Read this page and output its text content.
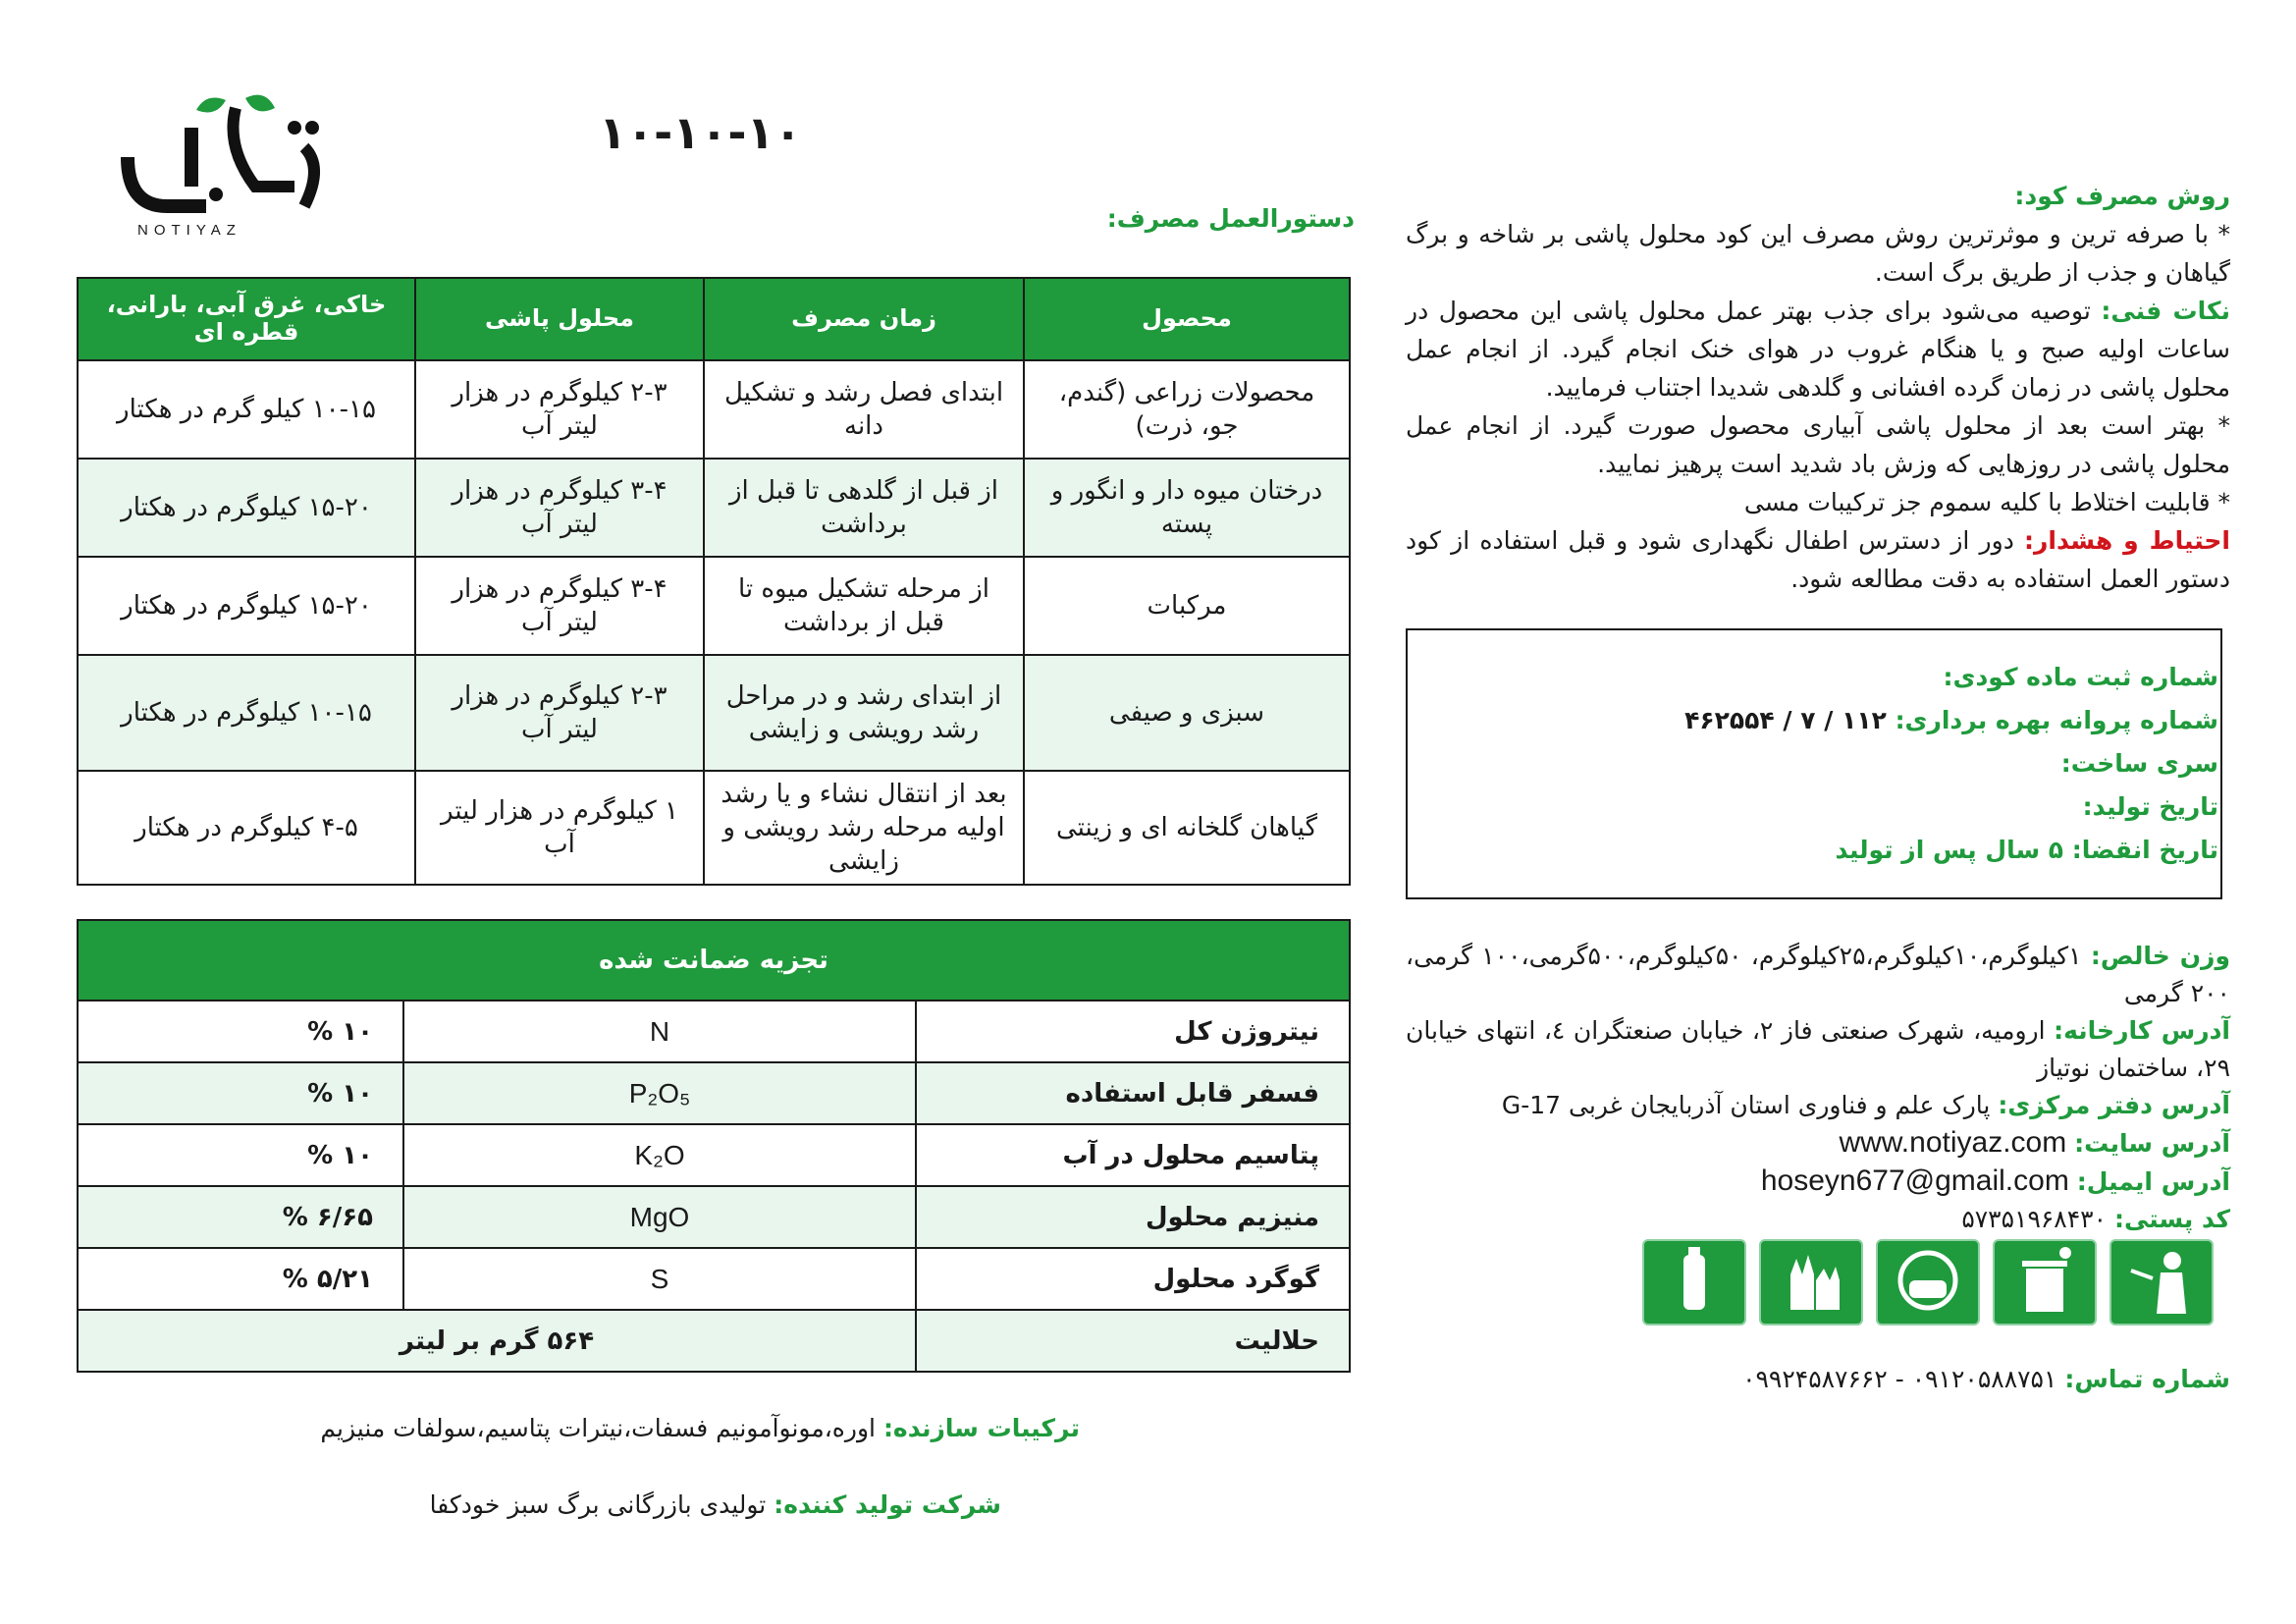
NOTIYAZ
۱۰-۱۰-۱۰
دستورالعمل مصرف:
محصول	زمان مصرف	محلول پاشی	خاکی، غرق آبی، بارانی، قطره ای
محصولات زراعی (گندم، جو، ذرت)	ابتدای فصل رشد و تشکیل دانه	۲-۳ کیلوگرم در هزار لیتر آب	۱۰-۱۵ کیلو گرم در هکتار
درختان میوه دار و انگور و پسته	از قبل از گلدهی تا قبل از برداشت	۳-۴ کیلوگرم در هزار لیتر آب	۱۵-۲۰ کیلوگرم در هکتار
مرکبات	از مرحله تشکیل میوه تا قبل از برداشت	۳-۴ کیلوگرم در هزار لیتر آب	۱۵-۲۰ کیلوگرم در هکتار
سبزی و صیفی	از ابتدای رشد و در مراحل رشد رویشی و زایشی	۲-۳ کیلوگرم در هزار لیتر آب	۱۰-۱۵ کیلوگرم در هکتار
گیاهان گلخانه ای و زینتی	بعد از انتقال نشاء و یا رشد اولیه مرحله رشد رویشی و زایشی	۱ کیلوگرم در هزار لیتر آب	۴-۵ کیلوگرم در هکتار
تجزیه ضمانت شده		
نیتروژن کل	N	۱۰ %
فسفر قابل استفاده	P₂O₅	۱۰ %
پتاسیم محلول در آب	K₂O	۱۰ %
منیزیم محلول	MgO	۶/۶۵ %
گوگرد محلول	S	۵/۲۱ %
حلالیت	۵۶۴ گرم بر لیتر	
روش مصرف کود:
* با صرفه ترین و موثرترین روش مصرف این کود محلول پاشی بر شاخه و برگ گیاهان و جذب از طریق برگ است.
نکات فنی: توصیه می‌شود برای جذب بهتر عمل محلول پاشی این محصول در ساعات اولیه صبح و یا هنگام غروب در هوای خنک انجام گیرد. از انجام عمل محلول پاشی در زمان گرده افشانی و گلدهی شدیدا اجتناب فرمایید.
* بهتر است بعد از محلول پاشی آبیاری محصول صورت گیرد. از انجام عمل محلول پاشی در روزهایی که وزش باد شدید است پرهیز نمایید.
* قابلیت اختلاط با کلیه سموم جز ترکیبات مسی
احتیاط و هشدار: دور از دسترس اطفال نگهداری شود و قبل استفاده از کود دستور العمل استفاده به دقت مطالعه شود.
شماره ثبت ماده کودی:
شماره پروانه بهره برداری: ۱۱۲ / ۷ / ۴۶۲۵۵۴
سری ساخت:
تاریخ تولید:
تاریخ انقضا: ۵ سال پس از تولید
وزن خالص: ۱کیلوگرم،۱۰کیلوگرم،۲۵کیلوگرم، ۵۰کیلوگرم،۵۰۰گرمی،۱۰۰ گرمی، ۲۰۰ گرمی
آدرس کارخانه: ارومیه، شهرک صنعتی فاز ۲، خیابان صنعتگران ٤، انتهای خیابان ۲۹، ساختمان نوتیاز
آدرس دفتر مرکزی: پارک علم و فناوری استان آذربایجان غربی G-17
آدرس سایت: www.notiyaz.com
آدرس ایمیل: hoseyn677@gmail.com
کد پستی: ۵۷۳۵۱۹۶۸۴۳۰

شماره تماس: ۰۹۱۲۰۵۸۸۷۵۱ - ۰۹۹۲۴۵۸۷۶۶۲
ترکیبات سازنده: اوره،مونوآمونیم فسفات،نیترات پتاسیم،سولفات منیزیم
شرکت تولید کننده: تولیدی بازرگانی برگ سبز خودکفا
